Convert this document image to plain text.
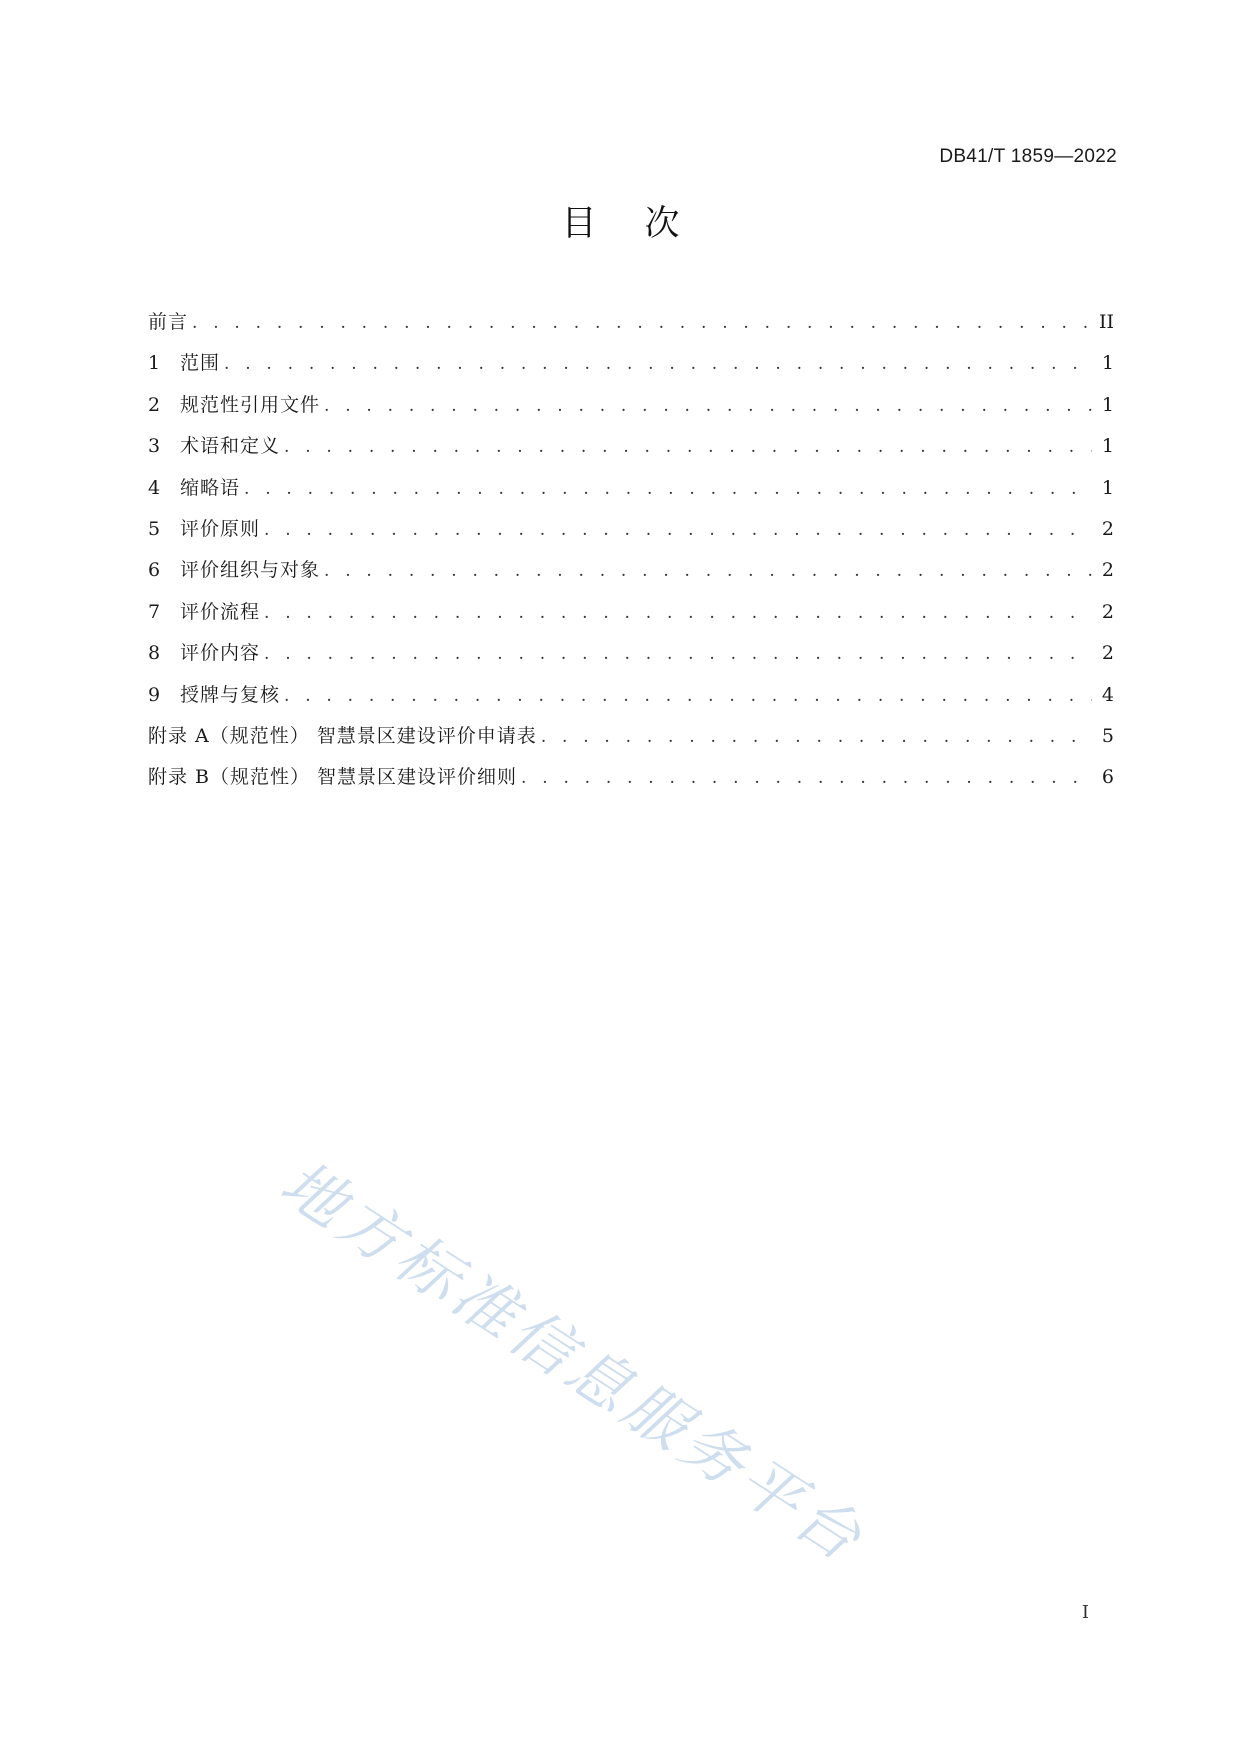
DB41/T 1859—2022
目次
前言 . . .	II
1	范围 . . .	1
2	规范性引用文件 . . .	1
3	术语和定义 . . .	1
4	缩略语 . . .	1
5	评价原则 . . .	2
6	评价组织与对象 . . .	2
7	评价流程 . . .	2
8	评价内容 . . .	2
9	授牌与复核 . . .	4
附录 A（规范性） 智慧景区建设评价申请表 . . .	5
附录 B（规范性） 智慧景区建设评价细则 . . .	6
地方标准信息服务平台
I
